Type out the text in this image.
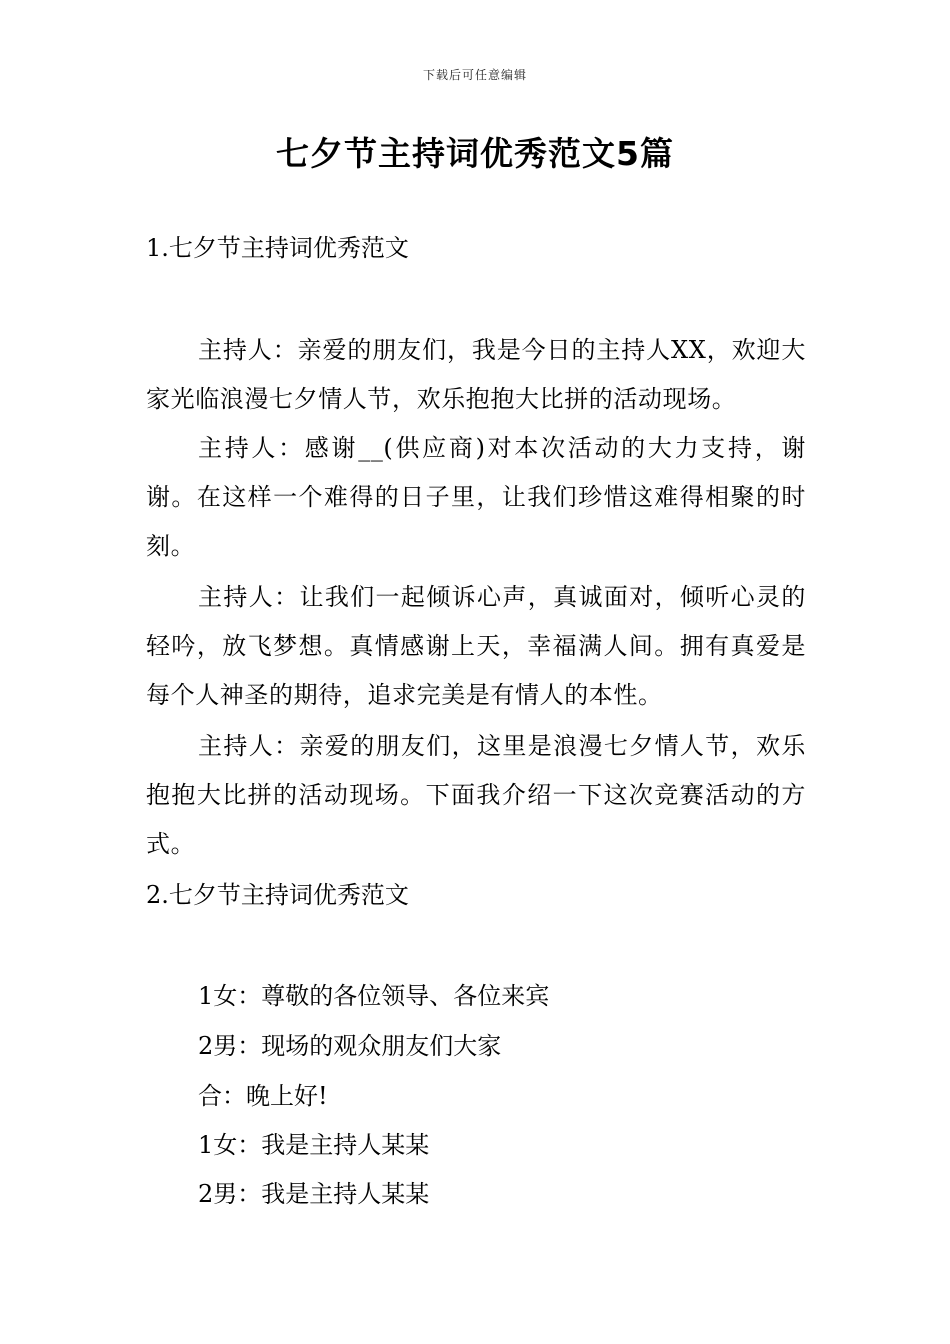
下载后可任意编辑
七夕节主持词优秀范文5篇
1.七夕节主持词优秀范文
主持人：亲爱的朋友们，我是今日的主持人XX，欢迎大家光临浪漫七夕情人节，欢乐抱抱大比拼的活动现场。
主持人：感谢__(供应商)对本次活动的大力支持，谢谢。在这样一个难得的日子里，让我们珍惜这难得相聚的时刻。
主持人：让我们一起倾诉心声，真诚面对，倾听心灵的轻吟，放飞梦想。真情感谢上天，幸福满人间。拥有真爱是每个人神圣的期待，追求完美是有情人的本性。
主持人：亲爱的朋友们，这里是浪漫七夕情人节，欢乐抱抱大比拼的活动现场。下面我介绍一下这次竞赛活动的方式。
2.七夕节主持词优秀范文
1女：尊敬的各位领导、各位来宾
2男：现场的观众朋友们大家
合：晚上好!
1女：我是主持人某某
2男：我是主持人某某
